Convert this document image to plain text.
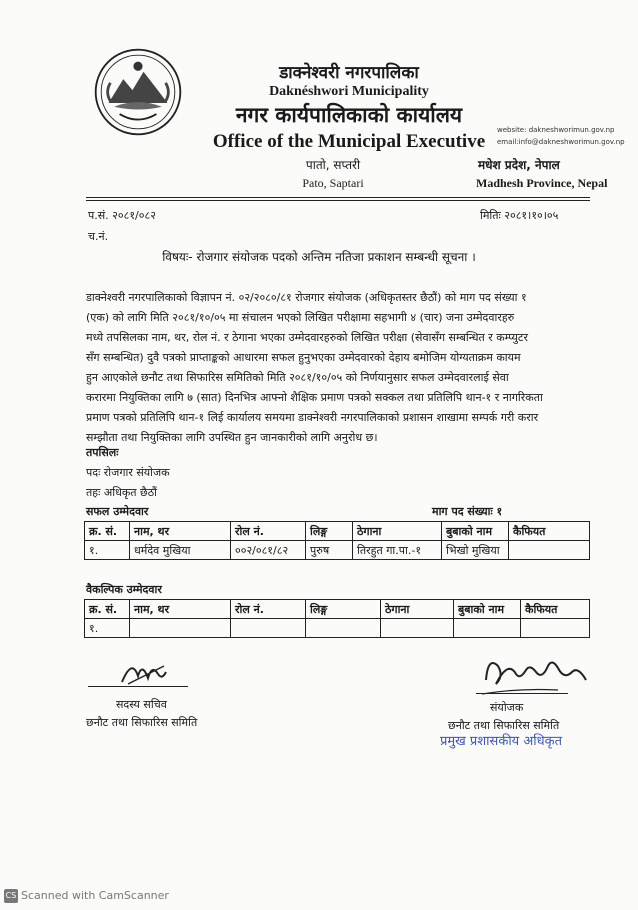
डाक्नेश्वरी नगरपालिका
Daknéshwori Municipality
नगर कार्यपालिकाको कार्यालय
Office of the Municipal Executive
पातो, सप्तरी
Pato, Saptari
website: dakneshworimun.gov.np
email:info@dakneshworimun.gov.np
मधेश प्रदेश, नेपाल
Madhesh Province, Nepal
प.सं. २०८१/०८२
च.नं.
मितिः २०८१।१०।०५
विषयः- रोजगार संयोजक पदको अन्तिम नतिजा प्रकाशन सम्बन्धी सूचना ।
डाक्नेश्वरी नगरपालिकाको विज्ञापन नं. ०२/२०८०/८१ रोजगार संयोजक (अधिकृतस्तर छैठौं) को माग पद संख्या १
(एक) को लागि मिति २०८१/१०/०५ मा संचालन भएको लिखित परीक्षामा सहभागी ४ (चार) जना उम्मेदवारहरु
मध्ये तपसिलका नाम, थर, रोल नं. र ठेगाना भएका उम्मेदवारहरुको लिखित परीक्षा (सेवासँग सम्बन्धित र कम्प्युटर
सँग सम्बन्धित) दुवै पत्रको प्राप्ताङ्कको आधारमा सफल हुनुभएका उम्मेदवारको देहाय बमोजिम योग्यताक्रम कायम
हुन आएकोले छनौट तथा सिफारिस समितिको मिति २०८१/१०/०५ को निर्णयानुसार सफल उम्मेदवारलाई सेवा
करारमा नियुक्तिका लागि ७ (सात) दिनभित्र आफ्नो शैक्षिक प्रमाण पत्रको सक्कल तथा प्रतिलिपि थान-१ र नागरिकता
प्रमाण पत्रको प्रतिलिपि थान-१ लिई कार्यालय समयमा डाक्नेश्वरी नगरपालिकाको प्रशासन शाखामा सम्पर्क गरी करार
सम्झौता तथा नियुक्तिका लागि उपस्थित हुन जानकारीको लागि अनुरोध छ।
तपसिलः
पदः रोजगार संयोजक
तहः अधिकृत छैठौं
सफल उम्मेदवार	माग पद संख्याः १
क्र. सं.	नाम, थर	रोल नं.	लिङ्ग	ठेगाना	बुबाको नाम	कैफियत
१.	धर्मदेव मुखिया	००२/०८१/८२	पुरुष	तिरहुत गा.पा.-१	भिखो मुखिया	
वैकल्पिक उम्मेदवार
क्र. सं.	नाम, थर	रोल नं.	लिङ्ग	ठेगाना	बुबाको नाम	कैफियत
१.						
सदस्य सचिव
छनौट तथा सिफारिस समिति
संयोजक
छनौट तथा सिफारिस समिति
प्रमुख प्रशासकीय अधिकृत
CS Scanned with CamScanner
